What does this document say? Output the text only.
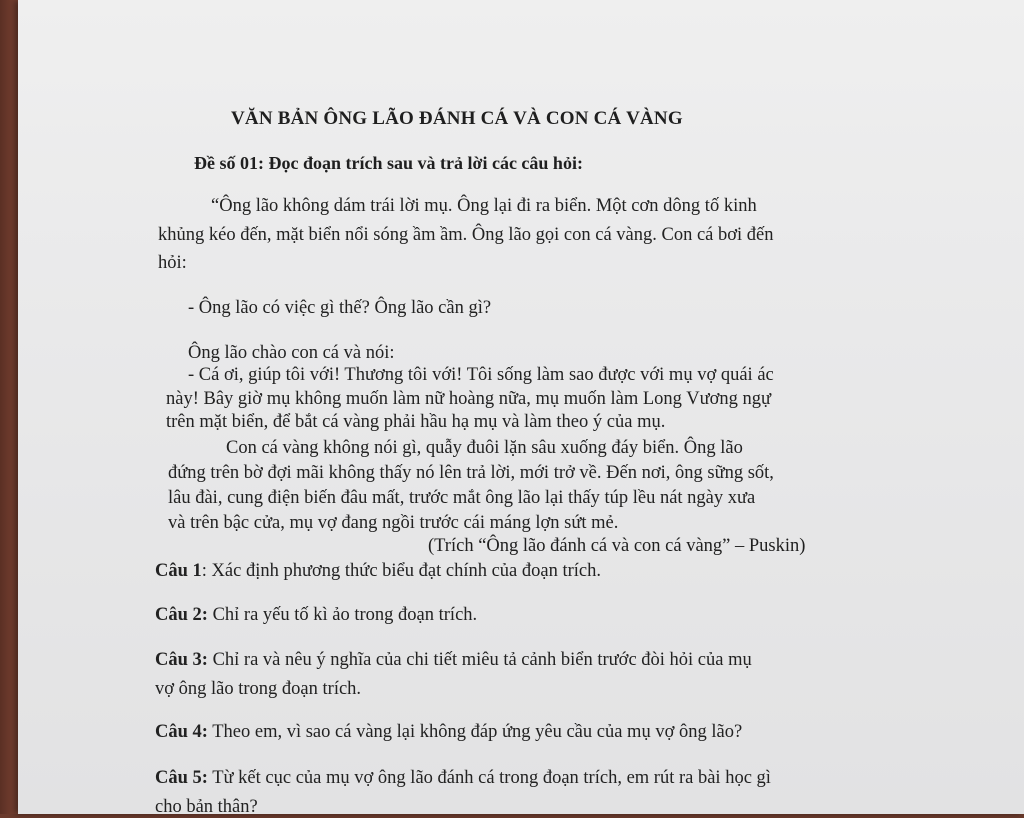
VĂN BẢN ÔNG LÃO ĐÁNH CÁ VÀ CON CÁ VÀNG
Đề số 01: Đọc đoạn trích sau và trả lời các câu hỏi:
“Ông lão không dám trái lời mụ. Ông lại đi ra biển. Một cơn dông tố kinh
khủng kéo đến, mặt biển nổi sóng ầm ầm. Ông lão gọi con cá vàng. Con cá bơi đến
hỏi:
- Ông lão có việc gì thế? Ông lão cần gì?
Ông lão chào con cá và nói:
- Cá ơi, giúp tôi với! Thương tôi với! Tôi sống làm sao được với mụ vợ quái ác
này! Bây giờ mụ không muốn làm nữ hoàng nữa, mụ muốn làm Long Vương ngự
trên mặt biển, để bắt cá vàng phải hầu hạ mụ và làm theo ý của mụ.
Con cá vàng không nói gì, quẫy đuôi lặn sâu xuống đáy biển. Ông lão
đứng trên bờ đợi mãi không thấy nó lên trả lời, mới trở về. Đến nơi, ông sững sốt,
lâu đài, cung điện biến đâu mất, trước mắt ông lão lại thấy túp lều nát ngày xưa
và trên bậc cửa, mụ vợ đang ngồi trước cái máng lợn sứt mẻ.
(Trích “Ông lão đánh cá và con cá vàng” – Puskin)
Câu 1: Xác định phương thức biểu đạt chính của đoạn trích.
Câu 2: Chỉ ra yếu tố kì ảo trong đoạn trích.
Câu 3: Chỉ ra và nêu ý nghĩa của chi tiết miêu tả cảnh biển trước đòi hỏi của mụ
vợ ông lão trong đoạn trích.
Câu 4: Theo em, vì sao cá vàng lại không đáp ứng yêu cầu của mụ vợ ông lão?
Câu 5: Từ kết cục của mụ vợ ông lão đánh cá trong đoạn trích, em rút ra bài học gì
cho bản thân?
